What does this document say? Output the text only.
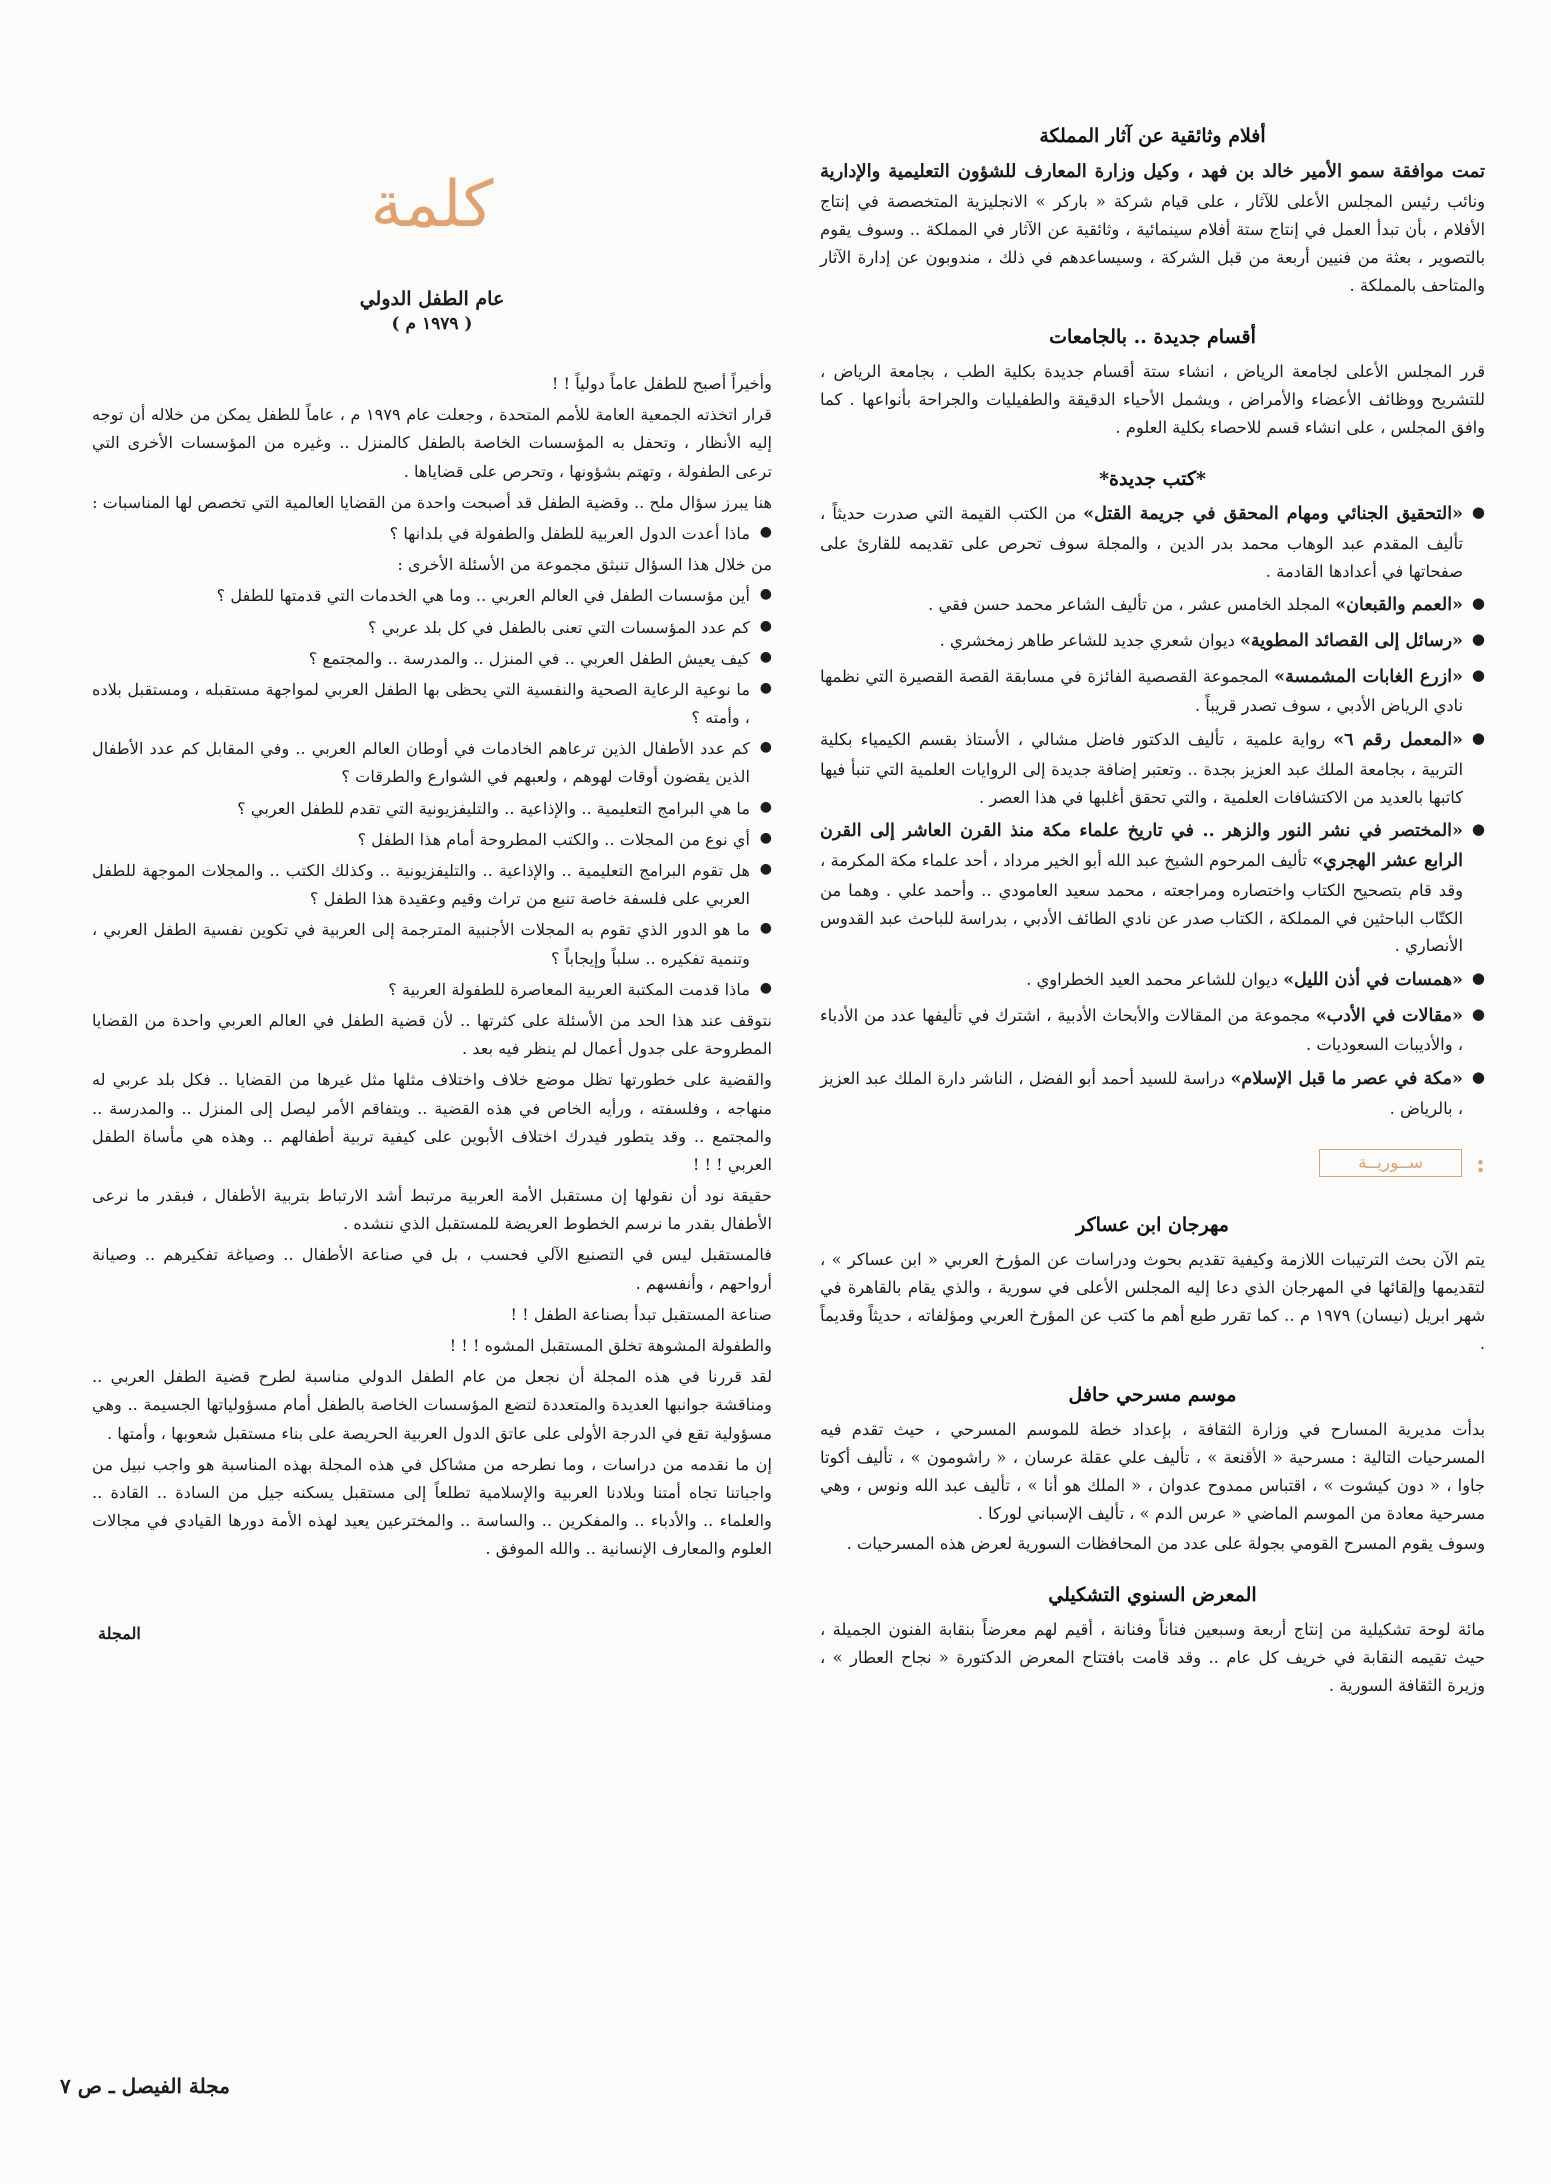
أفلام وثائقية عن آثار المملكة

تمت موافقة سمو الأمير خالد بن فهد ، وكيل وزارة المعارف للشؤون التعليمية والإدارية ونائب رئيس المجلس الأعلى للآثار ، على قيام شركة « باركر » الانجليزية المتخصصة في إنتاج الأفلام ، بأن تبدأ العمل في إنتاج ستة أفلام سينمائية ، وثائقية عن الآثار في المملكة .. وسوف يقوم بالتصوير ، بعثة من فنيين أربعة من قبل الشركة ، وسيساعدهم في ذلك ، مندوبون عن إدارة الآثار والمتاحف بالمملكة .

أقسام جديدة .. بالجامعات

قرر المجلس الأعلى لجامعة الرياض ، انشاء ستة أقسام جديدة بكلية الطب ، بجامعة الرياض ، للتشريح ووظائف الأعضاء والأمراض ، ويشمل الأحياء الدقيقة والطفيليات والجراحة بأنواعها . كما وافق المجلس ، على انشاء قسم للاحصاء بكلية العلوم .

*كتب جديدة*
● «التحقيق الجنائي ومهام المحقق في جريمة القتل» من الكتب القيمة التي صدرت حديثاً ، تأليف المقدم عبد الوهاب محمد بدر الدين ، والمجلة سوف تحرص على تقديمه للقارئ على صفحاتها في أعدادها القادمة .
● «العمم والقبعان» المجلد الخامس عشر ، من تأليف الشاعر محمد حسن فقي .
● «رسائل إلى القصائد المطوية» ديوان شعري جديد للشاعر طاهر زمخشري .
● «ازرع الغابات المشمسة» المجموعة القصصية الفائزة في مسابقة القصة القصيرة التي نظمها نادي الرياض الأدبي ، سوف تصدر قريباً .
● «المعمل رقم ٦» رواية علمية ، تأليف الدكتور فاضل مشالي ، الأستاذ بقسم الكيمياء بكلية التربية ، بجامعة الملك عبد العزيز بجدة .. وتعتبر إضافة جديدة إلى الروايات العلمية التي تنبأ فيها كاتبها بالعديد من الاكتشافات العلمية ، والتي تحقق أغلبها في هذا العصر .
● «المختصر في نشر النور والزهر .. في تاريخ علماء مكة منذ القرن العاشر إلى القرن الرابع عشر الهجري» تأليف المرحوم الشيخ عبد الله أبو الخير مرداد ، أحد علماء مكة المكرمة ، وقد قام بتصحيح الكتاب واختصاره ومراجعته ، محمد سعيد العامودي .. وأحمد علي . وهما من الكتّاب الباحثين في المملكة ، الكتاب صدر عن نادي الطائف الأدبي ، بدراسة للباحث عبد القدوس الأنصاري .
● «همسات في أذن الليل» ديوان للشاعر محمد العيد الخطراوي .
● «مقالات في الأدب» مجموعة من المقالات والأبحاث الأدبية ، اشترك في تأليفها عدد من الأدباء ، والأديبات السعوديات .
● «مكة في عصر ما قبل الإسلام» دراسة للسيد أحمد أبو الفضل ، الناشر دارة الملك عبد العزيز ، بالرياض .
:ســوريــة
مهرجان ابن عساكر

يتم الآن بحث الترتيبات اللازمة وكيفية تقديم بحوث ودراسات عن المؤرخ العربي « ابن عساكر » ، لتقديمها وإلقائها في المهرجان الذي دعا إليه المجلس الأعلى في سورية ، والذي يقام بالقاهرة في شهر ابريل (نيسان) ١٩٧٩ م .. كما تقرر طبع أهم ما كتب عن المؤرخ العربي ومؤلفاته ، حديثاً وقديماً .

موسم مسرحي حافل

بدأت مديرية المسارح في وزارة الثقافة ، بإعداد خطة للموسم المسرحي ، حيث تقدم فيه المسرحيات التالية : مسرحية « الأقنعة » ، تأليف علي عقلة عرسان ، « راشومون » ، تأليف أكوتا جاوا ، « دون كيشوت » ، اقتباس ممدوح عدوان ، « الملك هو أنا » ، تأليف عبد الله ونوس ، وهي مسرحية معادة من الموسم الماضي « عرس الدم » ، تأليف الإسباني لوركا .

وسوف يقوم المسرح القومي بجولة على عدد من المحافظات السورية لعرض هذه المسرحيات .

المعرض السنوي التشكيلي

مائة لوحة تشكيلية من إنتاج أربعة وسبعين فناناً وفنانة ، أقيم لهم معرضاً بنقابة الفنون الجميلة ، حيث تقيمه النقابة في خريف كل عام .. وقد قامت بافتتاح المعرض الدكتورة « نجاح العطار » ، وزيرة الثقافة السورية .

كلمة
عام الطفل الدولي
( ١٩٧٩ م )

وأخيراً أصبح للطفل عاماً دولياً ! !

قرار اتخذته الجمعية العامة للأمم المتحدة ، وجعلت عام ١٩٧٩ م ، عاماً للطفل يمكن من خلاله أن توجه إليه الأنظار ، وتحفل به المؤسسات الخاصة بالطفل كالمنزل .. وغيره من المؤسسات الأخرى التي ترعى الطفولة ، وتهتم بشؤونها ، وتحرص على قضاياها .

هنا يبرز سؤال ملح .. وقضية الطفل قد أصبحت واحدة من القضايا العالمية التي تخصص لها المناسبات :

● ماذا أعدت الدول العربية للطفل والطفولة في بلدانها ؟

من خلال هذا السؤال تنبثق مجموعة من الأسئلة الأخرى :

● أين مؤسسات الطفل في العالم العربي .. وما هي الخدمات التي قدمتها للطفل ؟

● كم عدد المؤسسات التي تعنى بالطفل في كل بلد عربي ؟

● كيف يعيش الطفل العربي .. في المنزل .. والمدرسة .. والمجتمع ؟

● ما نوعية الرعاية الصحية والنفسية التي يحظى بها الطفل العربي لمواجهة مستقبله ، ومستقبل بلاده ، وأمته ؟

● كم عدد الأطفال الذين ترعاهم الخادمات في أوطان العالم العربي .. وفي المقابل كم عدد الأطفال الذين يقضون أوقات لهوهم ، ولعبهم في الشوارع والطرقات ؟

● ما هي البرامج التعليمية .. والإذاعية .. والتليفزيونية التي تقدم للطفل العربي ؟

● أي نوع من المجلات .. والكتب المطروحة أمام هذا الطفل ؟

● هل تقوم البرامج التعليمية .. والإذاعية .. والتليفزيونية .. وكذلك الكتب .. والمجلات الموجهة للطفل العربي على فلسفة خاصة تنبع من تراث وقيم وعقيدة هذا الطفل ؟

● ما هو الدور الذي تقوم به المجلات الأجنبية المترجمة إلى العربية في تكوين نفسية الطفل العربي ، وتنمية تفكيره .. سلباً وإيجاباً ؟

● ماذا قدمت المكتبة العربية المعاصرة للطفولة العربية ؟

نتوقف عند هذا الحد من الأسئلة على كثرتها .. لأن قضية الطفل في العالم العربي واحدة من القضايا المطروحة على جدول أعمال لم ينظر فيه بعد .

والقضية على خطورتها تظل موضع خلاف واختلاف مثلها مثل غيرها من القضايا .. فكل بلد عربي له منهاجه ، وفلسفته ، ورأيه الخاص في هذه القضية .. ويتفاقم الأمر ليصل إلى المنزل .. والمدرسة .. والمجتمع .. وقد يتطور فيدرك اختلاف الأبوين على كيفية تربية أطفالهم .. وهذه هي مأساة الطفل العربي ! ! !

حقيقة نود أن نقولها إن مستقبل الأمة العربية مرتبط أشد الارتباط بتربية الأطفال ، فبقدر ما نرعى الأطفال بقدر ما نرسم الخطوط العريضة للمستقبل الذي ننشده .

فالمستقبل ليس في التصنيع الآلي فحسب ، بل في صناعة الأطفال .. وصياغة تفكيرهم .. وصيانة أرواحهم ، وأنفسهم .

صناعة المستقبل تبدأ بصناعة الطفل ! !

والطفولة المشوهة تخلق المستقبل المشوه ! ! !

لقد قررنا في هذه المجلة أن نجعل من عام الطفل الدولي مناسبة لطرح قضية الطفل العربي .. ومناقشة جوانبها العديدة والمتعددة لتضع المؤسسات الخاصة بالطفل أمام مسؤولياتها الجسيمة .. وهي مسؤولية تقع في الدرجة الأولى على عاتق الدول العربية الحريصة على بناء مستقبل شعوبها ، وأمتها .

إن ما نقدمه من دراسات ، وما نطرحه من مشاكل في هذه المجلة بهذه المناسبة هو واجب نبيل من واجباتنا تجاه أمتنا وبلادنا العربية والإسلامية تطلعاً إلى مستقبل يسكنه جيل من السادة .. القادة .. والعلماء .. والأدباء .. والمفكرين .. والساسة .. والمخترعين يعيد لهذه الأمة دورها القيادي في مجالات العلوم والمعارف الإنسانية .. والله الموفق .

المجلة
مجلة الفيصل ـ ص ٧
